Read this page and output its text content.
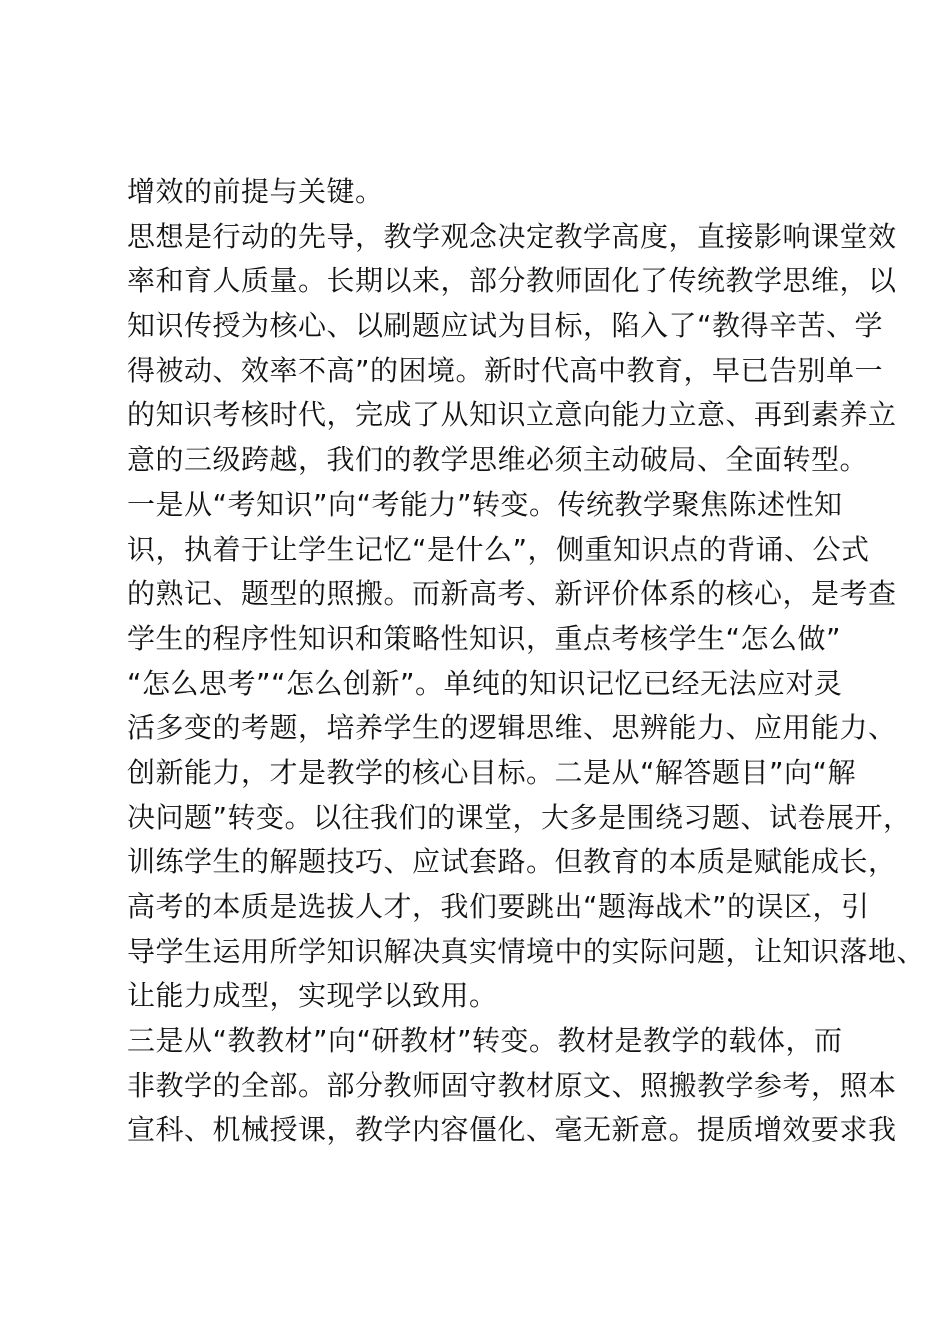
增效的前提与关键。
思想是行动的先导，教学观念决定教学高度，直接影响课堂效
率和育人质量。长期以来，部分教师固化了传统教学思维，以
知识传授为核心、以刷题应试为目标，陷入了“教得辛苦、学
得被动、效率不高”的困境。新时代高中教育，早已告别单一
的知识考核时代，完成了从知识立意向能力立意、再到素养立
意的三级跨越，我们的教学思维必须主动破局、全面转型。
一是从“考知识”向“考能力”转变。传统教学聚焦陈述性知
识，执着于让学生记忆“是什么”，侧重知识点的背诵、公式
的熟记、题型的照搬。而新高考、新评价体系的核心，是考查
学生的程序性知识和策略性知识，重点考核学生“怎么做”
“怎么思考”“怎么创新”。单纯的知识记忆已经无法应对灵
活多变的考题，培养学生的逻辑思维、思辨能力、应用能力、
创新能力，才是教学的核心目标。二是从“解答题目”向“解
决问题”转变。以往我们的课堂，大多是围绕习题、试卷展开，
训练学生的解题技巧、应试套路。但教育的本质是赋能成长，
高考的本质是选拔人才，我们要跳出“题海战术”的误区，引
导学生运用所学知识解决真实情境中的实际问题，让知识落地、
让能力成型，实现学以致用。
三是从“教教材”向“研教材”转变。教材是教学的载体，而
非教学的全部。部分教师固守教材原文、照搬教学参考，照本
宣科、机械授课，教学内容僵化、毫无新意。提质增效要求我
